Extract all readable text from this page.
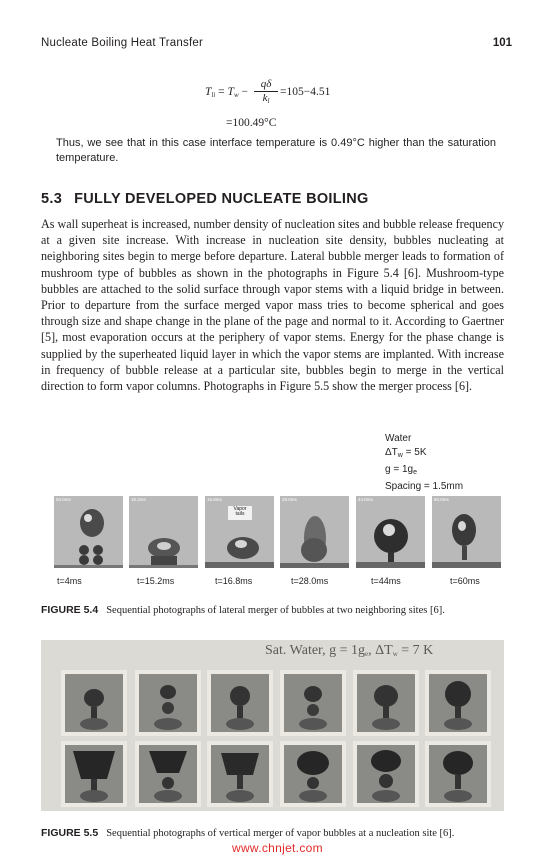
Nucleate Boiling Heat Transfer	101
$T_{li} = T_w - \frac{q\delta}{k_l} =105-4.51$
=100.49°C
Thus, we see that in this case interface temperature is 0.49°C higher than the saturation temperature.
5.3 FULLY DEVELOPED NUCLEATE BOILING
As wall superheat is increased, number density of nucleation sites and bubble release frequency at a given site increase. With increase in nucleation site density, bubbles nucleating at neighboring sites begin to merge before departure. Lateral bubble merger leads to formation of mushroom type of bubbles as shown in the photographs in Figure 5.4 [6]. Mushroom-type bubbles are attached to the solid surface through vapor stems with a liquid bridge in between. Prior to departure from the surface merged vapor mass tries to become spherical and goes through size and shape change in the plane of the page and normal to it. According to Gaertner [5], most evaporation occurs at the periphery of vapor stems. Energy for the phase change is supplied by the superheated liquid layer in which the vapor stems are implanted. With increase in frequency of bubble release at a particular site, bubbles begin to merge in the vertical direction to form vapor columns. Photographs in Figure 5.5 show the merger process [6].
Water
$\Delta T_w = 5K$
$g = 1g_e$
Spacing = 1.5mm
04.0ms	15.2ms	16.8ms
Vapor tails
28.0ms	44.0ms	60.0ms
t=4ms	t=15.2ms	t=16.8ms	t=28.0ms	t=44ms	t=60ms
FIGURE 5.4 Sequential photographs of lateral merger of bubbles at two neighboring sites [6].
Sat. Water, $g = 1g_e$, $\Delta T_w = 7$ K
FIGURE 5.5 Sequential photographs of vertical merger of vapor bubbles at a nucleation site [6].
www.chnjet.com
